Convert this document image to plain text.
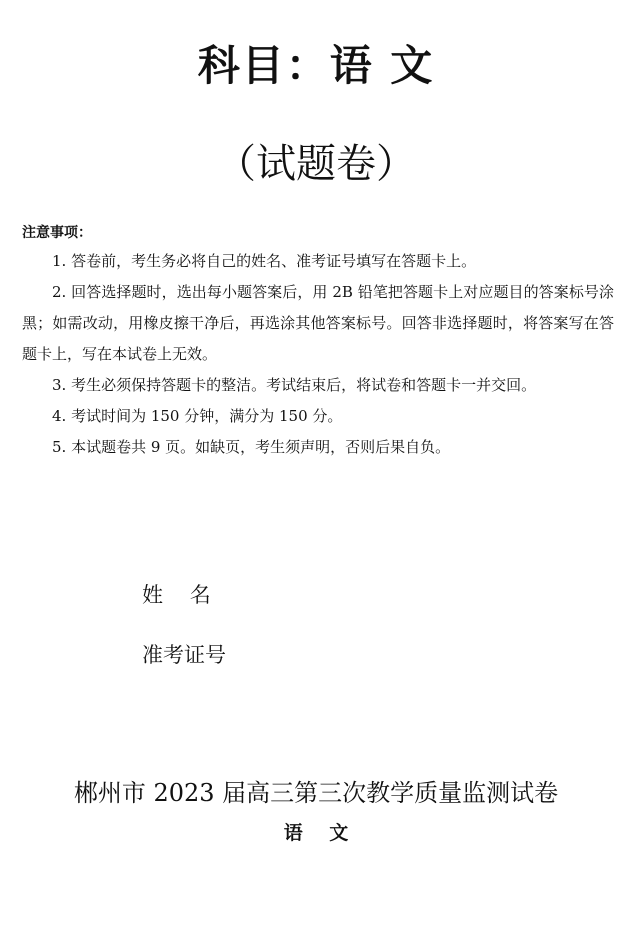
科目：语 文
（试题卷）
注意事项：

1. 答卷前，考生务必将自己的姓名、准考证号填写在答题卡上。

2. 回答选择题时，选出每小题答案后，用 2B 铅笔把答题卡上对应题目的答案标号涂黑；如需改动，用橡皮擦干净后，再选涂其他答案标号。回答非选择题时，将答案写在答题卡上，写在本试卷上无效。

3. 考生必须保持答题卡的整洁。考试结束后，将试卷和答题卡一并交回。

4. 考试时间为 150 分钟，满分为 150 分。

5. 本试题卷共 9 页。如缺页，考生须声明，否则后果自负。

姓    名
准考证号
郴州市 2023 届高三第三次教学质量监测试卷
语    文
